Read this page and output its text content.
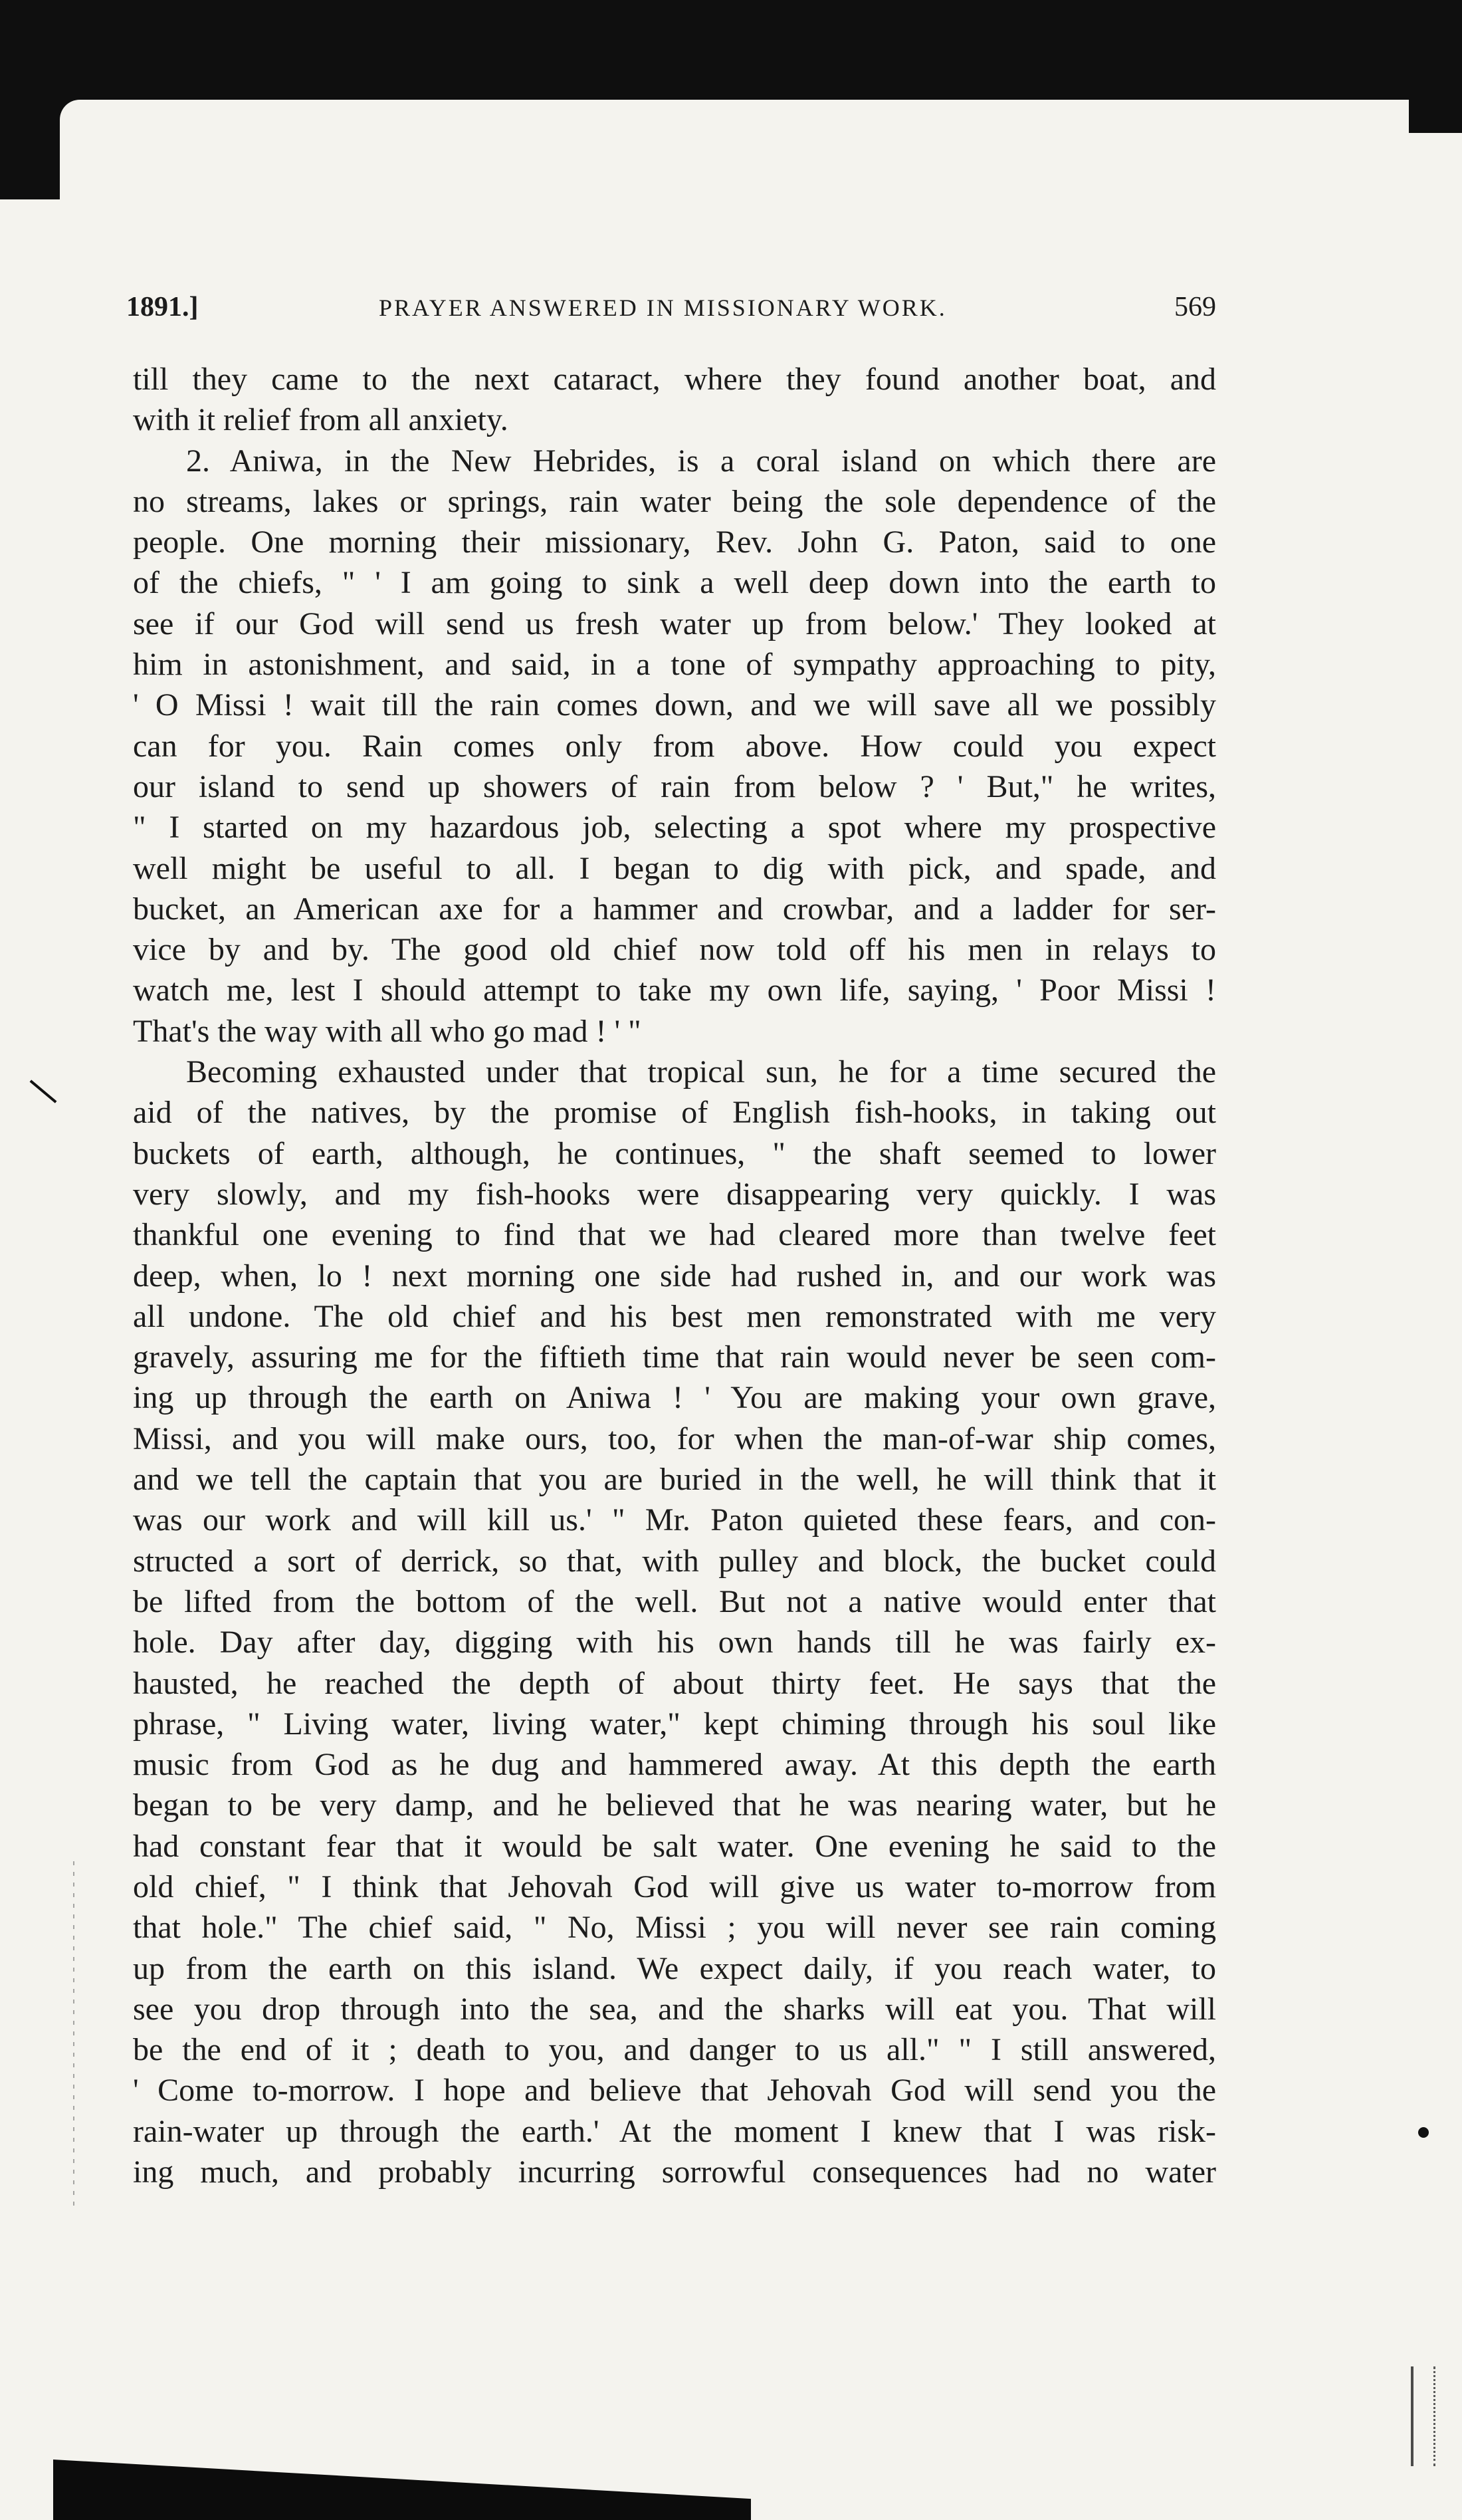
1891.]	PRAYER ANSWERED IN MISSIONARY WORK.	569
till they came to the next cataract, where they found another boat, and
with it relief from all anxiety.
2. Aniwa, in the New Hebrides, is a coral island on which there are
no streams, lakes or springs, rain water being the sole dependence of the
people. One morning their missionary, Rev. John G. Paton, said to one
of the chiefs, " ' I am going to sink a well deep down into the earth to
see if our God will send us fresh water up from below.' They looked at
him in astonishment, and said, in a tone of sympathy approaching to pity,
' O Missi ! wait till the rain comes down, and we will save all we possibly
can for you. Rain comes only from above. How could you expect
our island to send up showers of rain from below ? ' But," he writes,
" I started on my hazardous job, selecting a spot where my prospective
well might be useful to all. I began to dig with pick, and spade, and
bucket, an American axe for a hammer and crowbar, and a ladder for ser-
vice by and by. The good old chief now told off his men in relays to
watch me, lest I should attempt to take my own life, saying, ' Poor Missi !
That's the way with all who go mad ! ' "
Becoming exhausted under that tropical sun, he for a time secured the
aid of the natives, by the promise of English fish-hooks, in taking out
buckets of earth, although, he continues, " the shaft seemed to lower
very slowly, and my fish-hooks were disappearing very quickly. I was
thankful one evening to find that we had cleared more than twelve feet
deep, when, lo ! next morning one side had rushed in, and our work was
all undone. The old chief and his best men remonstrated with me very
gravely, assuring me for the fiftieth time that rain would never be seen com-
ing up through the earth on Aniwa ! ' You are making your own grave,
Missi, and you will make ours, too, for when the man-of-war ship comes,
and we tell the captain that you are buried in the well, he will think that it
was our work and will kill us.' " Mr. Paton quieted these fears, and con-
structed a sort of derrick, so that, with pulley and block, the bucket could
be lifted from the bottom of the well. But not a native would enter that
hole. Day after day, digging with his own hands till he was fairly ex-
hausted, he reached the depth of about thirty feet. He says that the
phrase, " Living water, living water," kept chiming through his soul like
music from God as he dug and hammered away. At this depth the earth
began to be very damp, and he believed that he was nearing water, but he
had constant fear that it would be salt water. One evening he said to the
old chief, " I think that Jehovah God will give us water to-morrow from
that hole." The chief said, " No, Missi ; you will never see rain coming
up from the earth on this island. We expect daily, if you reach water, to
see you drop through into the sea, and the sharks will eat you. That will
be the end of it ; death to you, and danger to us all." " I still answered,
' Come to-morrow. I hope and believe that Jehovah God will send you the
rain-water up through the earth.' At the moment I knew that I was risk-
ing much, and probably incurring sorrowful consequences had no water
